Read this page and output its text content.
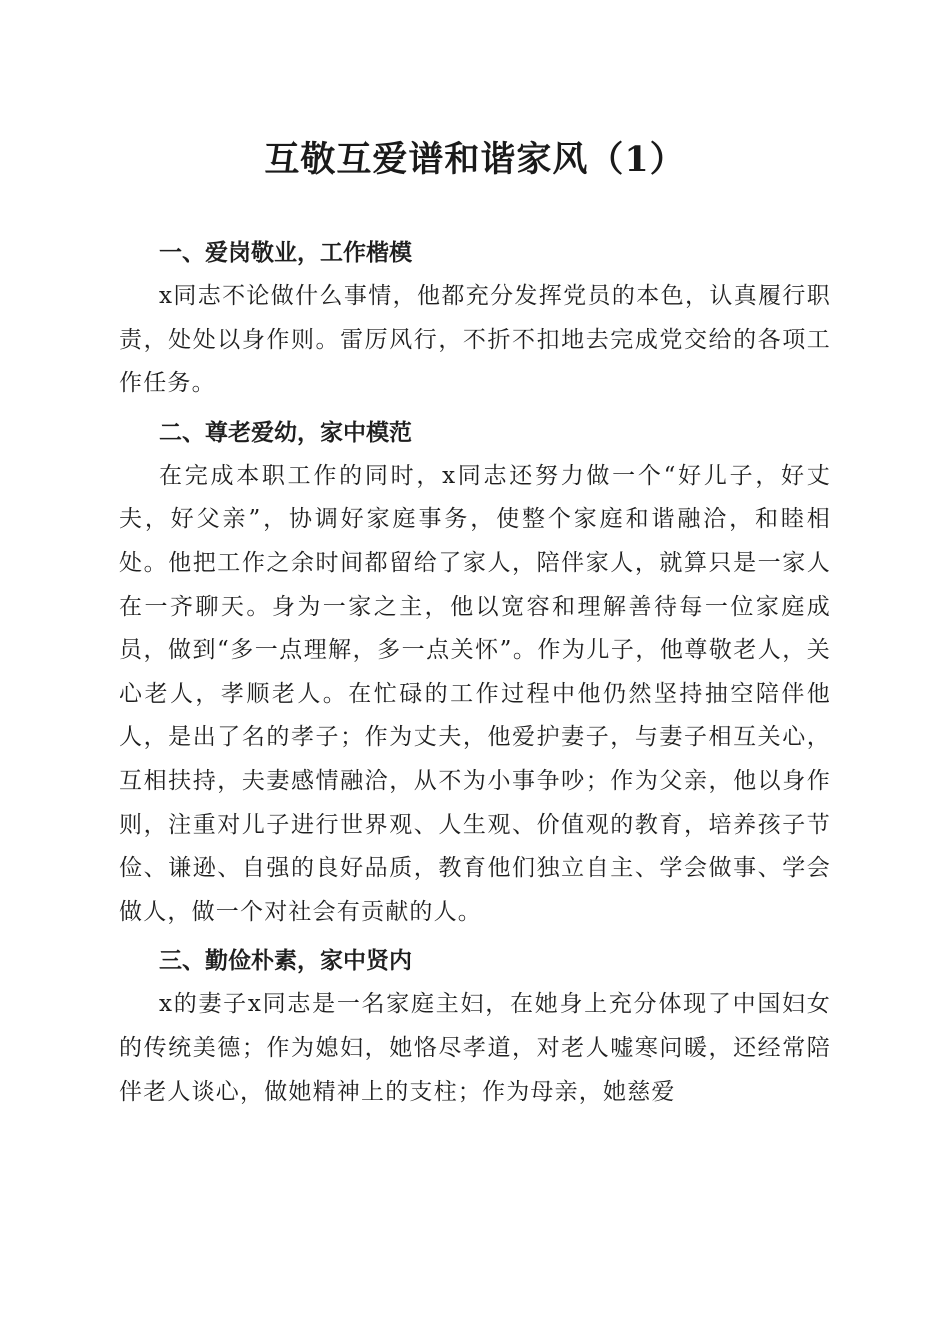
互敬互爱谱和谐家风（1）
一、爱岗敬业，工作楷模
x同志不论做什么事情，他都充分发挥党员的本色，认真履行职责，处处以身作则。雷厉风行，不折不扣地去完成党交给的各项工作任务。
二、尊老爱幼，家中模范
在完成本职工作的同时，x同志还努力做一个“好儿子，好丈夫，好父亲”，协调好家庭事务，使整个家庭和谐融洽，和睦相处。他把工作之余时间都留给了家人，陪伴家人，就算只是一家人在一齐聊天。身为一家之主，他以宽容和理解善待每一位家庭成员，做到“多一点理解，多一点关怀”。作为儿子，他尊敬老人，关心老人，孝顺老人。在忙碌的工作过程中他仍然坚持抽空陪伴他人，是出了名的孝子；作为丈夫，他爱护妻子，与妻子相互关心，互相扶持，夫妻感情融洽，从不为小事争吵；作为父亲，他以身作则，注重对儿子进行世界观、人生观、价值观的教育，培养孩子节俭、谦逊、自强的良好品质，教育他们独立自主、学会做事、学会做人，做一个对社会有贡献的人。
三、勤俭朴素，家中贤内
x的妻子x同志是一名家庭主妇，在她身上充分体现了中国妇女的传统美德；作为媳妇，她恪尽孝道，对老人嘘寒问暖，还经常陪伴老人谈心，做她精神上的支柱；作为母亲，她慈爱
